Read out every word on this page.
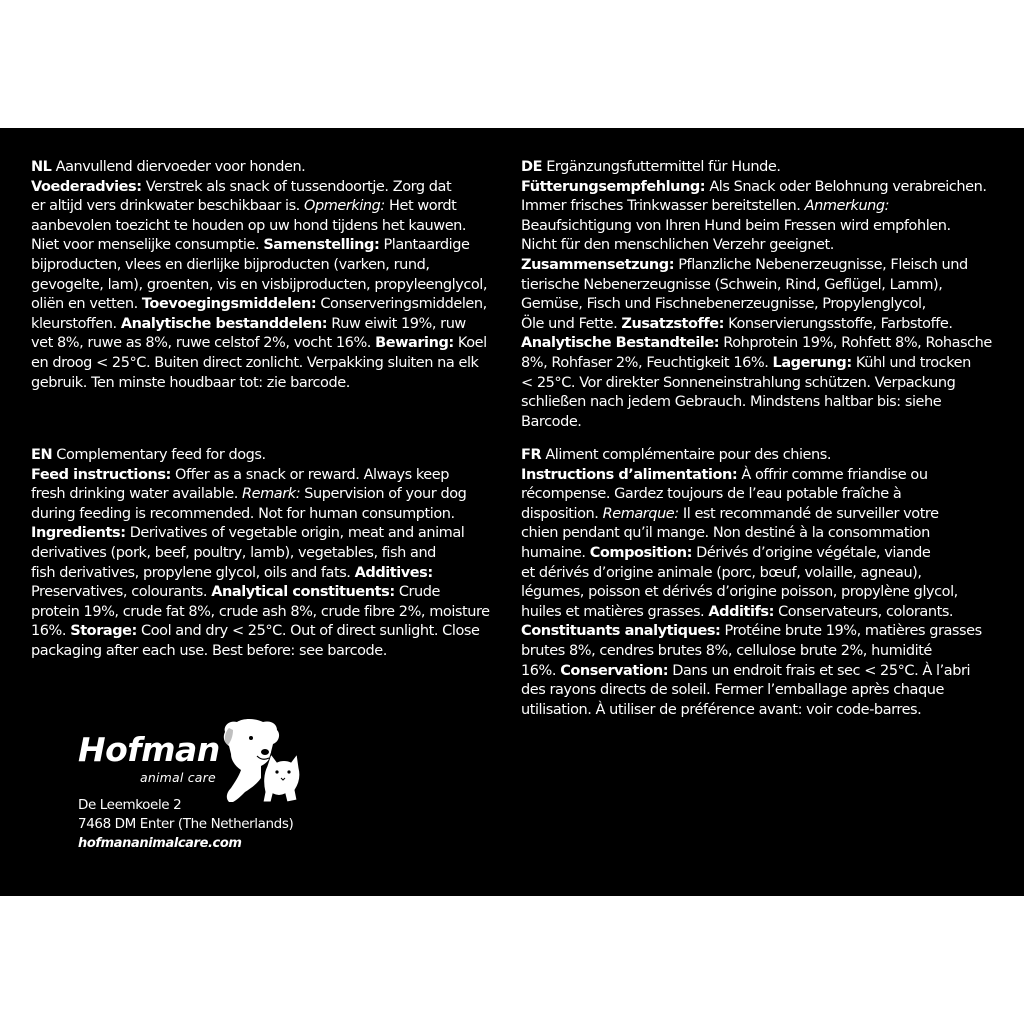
NL Aanvullend diervoeder voor honden.
Voederadvies: Verstrek als snack of tussendoortje. Zorg dat
er altijd vers drinkwater beschikbaar is. Opmerking: Het wordt
aanbevolen toezicht te houden op uw hond tijdens het kauwen.
Niet voor menselijke consumptie. Samenstelling: Plantaardige
bijproducten, vlees en dierlijke bijproducten (varken, rund,
gevogelte, lam), groenten, vis en visbijproducten, propyleenglycol,
oliën en vetten. Toevoegingsmiddelen: Conserveringsmiddelen,
kleurstoffen. Analytische bestanddelen: Ruw eiwit 19%, ruw
vet 8%, ruwe as 8%, ruwe celstof 2%, vocht 16%. Bewaring: Koel
en droog < 25°C. Buiten direct zonlicht. Verpakking sluiten na elk
gebruik. Ten minste houdbaar tot: zie barcode.
DE Ergänzungsfuttermittel für Hunde.
Fütterungsempfehlung: Als Snack oder Belohnung verabreichen.
Immer frisches Trinkwasser bereitstellen. Anmerkung:
Beaufsichtigung von Ihren Hund beim Fressen wird empfohlen.
Nicht für den menschlichen Verzehr geeignet.
Zusammensetzung: Pflanzliche Nebenerzeugnisse, Fleisch und
tierische Nebenerzeugnisse (Schwein, Rind, Geflügel, Lamm),
Gemüse, Fisch und Fischnebenerzeugnisse, Propylenglycol,
Öle und Fette. Zusatzstoffe: Konservierungsstoffe, Farbstoffe.
Analytische Bestandteile: Rohprotein 19%, Rohfett 8%, Rohasche
8%, Rohfaser 2%, Feuchtigkeit 16%. Lagerung: Kühl und trocken
< 25°C. Vor direkter Sonneneinstrahlung schützen. Verpackung
schließen nach jedem Gebrauch. Mindstens haltbar bis: siehe
Barcode.
EN Complementary feed for dogs.
Feed instructions: Offer as a snack or reward. Always keep
fresh drinking water available. Remark: Supervision of your dog
during feeding is recommended. Not for human consumption.
Ingredients: Derivatives of vegetable origin, meat and animal
derivatives (pork, beef, poultry, lamb), vegetables, fish and
fish derivatives, propylene glycol, oils and fats. Additives:
Preservatives, colourants. Analytical constituents: Crude
protein 19%, crude fat 8%, crude ash 8%, crude fibre 2%, moisture
16%. Storage: Cool and dry < 25°C. Out of direct sunlight. Close
packaging after each use. Best before: see barcode.
FR Aliment complémentaire pour des chiens.
Instructions d’alimentation: À offrir comme friandise ou
récompense. Gardez toujours de l’eau potable fraîche à
disposition. Remarque: Il est recommandé de surveiller votre
chien pendant qu’il mange. Non destiné à la consommation
humaine. Composition: Dérivés d’origine végétale, viande
et dérivés d’origine animale (porc, bœuf, volaille, agneau),
légumes, poisson et dérivés d’origine poisson, propylène glycol,
huiles et matières grasses. Additifs: Conservateurs, colorants.
Constituants analytiques: Protéine brute 19%, matières grasses
brutes 8%, cendres brutes 8%, cellulose brute 2%, humidité
16%. Conservation: Dans un endroit frais et sec < 25°C. À l’abri
des rayons directs de soleil. Fermer l’emballage après chaque
utilisation. À utiliser de préférence avant: voir code-barres.
Hofman
animal care
De Leemkoele 2
7468 DM Enter (The Netherlands)
hofmananimalcare.com
